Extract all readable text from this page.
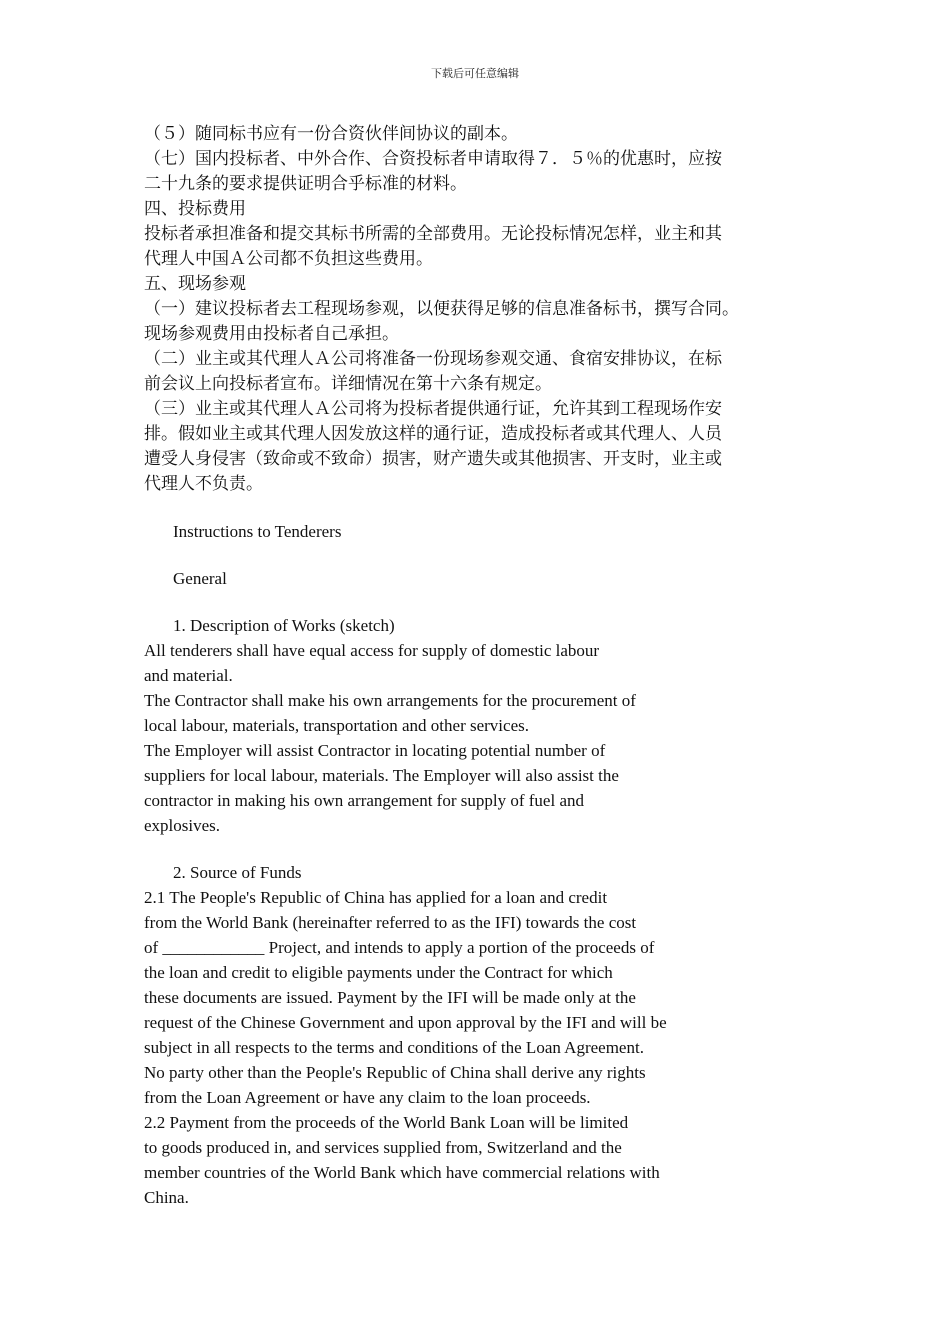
下载后可任意编辑

（５）随同标书应有一份合资伙伴间协议的副本。

（七）国内投标者、中外合作、合资投标者申请取得７．５％的优惠时，应按

二十九条的要求提供证明合乎标准的材料。

四、投标费用

投标者承担准备和提交其标书所需的全部费用。无论投标情况怎样，业主和其

代理人中国Ａ公司都不负担这些费用。

五、现场参观

（一）建议投标者去工程现场参观，以便获得足够的信息准备标书，撰写合同。

现场参观费用由投标者自己承担。

（二）业主或其代理人Ａ公司将准备一份现场参观交通、食宿安排协议，在标

前会议上向投标者宣布。详细情况在第十六条有规定。

（三）业主或其代理人Ａ公司将为投标者提供通行证，允许其到工程现场作安

排。假如业主或其代理人因发放这样的通行证，造成投标者或其代理人、人员

遭受人身侵害（致命或不致命）损害，财产遗失或其他损害、开支时，业主或

代理人不负责。

Instructions to Tenderers

General

1. Description of Works (sketch)

All tenderers shall have equal access for supply of domestic labour

and material.

The Contractor shall make his own arrangements for the procurement of

local labour, materials, transportation and other services.

The Employer will assist Contractor in locating potential number of

suppliers for local labour, materials. The Employer will also assist the

contractor in making his own arrangement for supply of fuel and

explosives.

2. Source of Funds

2.1 The People's Republic of China has applied for a loan and credit

from the World Bank (hereinafter referred to as the IFI) towards the cost

of ____________ Project, and intends to apply a portion of the proceeds of

the loan and credit to eligible payments under the Contract for which

these documents are issued. Payment by the IFI will be made only at the

request of the Chinese Government and upon approval by the IFI and will be

subject in all respects to the terms and conditions of the Loan Agreement.

No party other than the People's Republic of China shall derive any rights

from the Loan Agreement or have any claim to the loan proceeds.

2.2 Payment from the proceeds of the World Bank Loan will be limited

to goods produced in, and services supplied from, Switzerland and the

member countries of the World Bank which have commercial relations with

China.
